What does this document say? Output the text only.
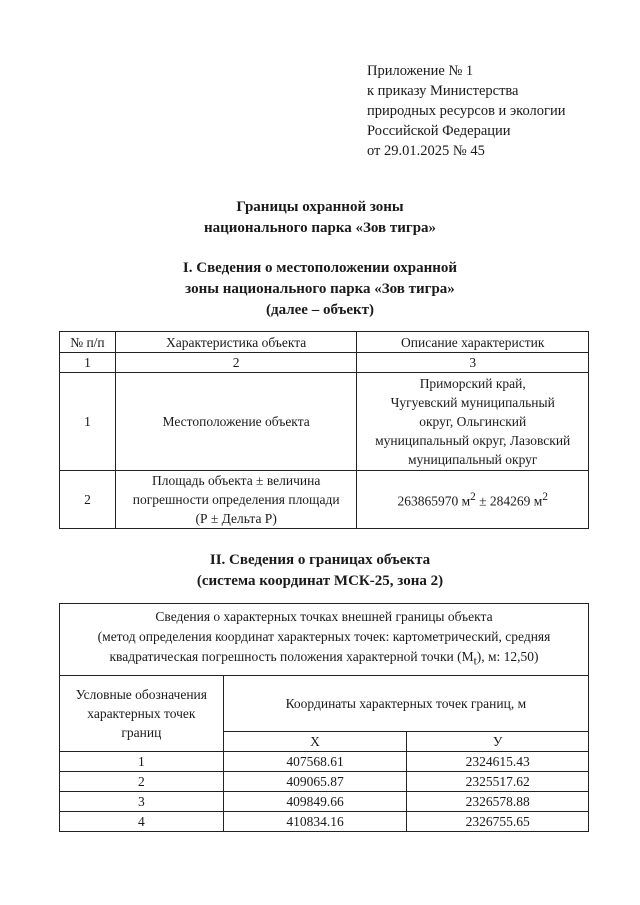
Приложение № 1
к приказу Министерства
природных ресурсов и экологии
Российской Федерации
от 29.01.2025 № 45
Границы охранной зоны
национального парка «Зов тигра»
I. Сведения о местоположении охранной
зоны национального парка «Зов тигра»
(далее – объект)
№ п/п	Характеристика объекта	Описание характеристик
1	2	3
1	Местоположение объекта	Приморский край,
Чугуевский муниципальный
округ, Ольгинский
муниципальный округ, Лазовский
муниципальный округ

2	Площадь объекта ± величина
погрешности определения площади
(Р ± Дельта Р)	263865970 $м^2 \pm 284269$ $м^2$
II. Сведения о границах объекта
(система координат МСК-25, зона 2)
Сведения о характерных точках внешней границы объекта
(метод определения координат характерных точек: картометрический, средняя
квадратическая погрешность положения характерной точки $(M_t)$, м: 12,50)		

Условные обозначения
характерных точек
границ	Координаты характерных точек границ, м	
	X	У
1	407568.61	2324615.43
2	409065.87	2325517.62
3	409849.66	2326578.88
4	410834.16	2326755.65
